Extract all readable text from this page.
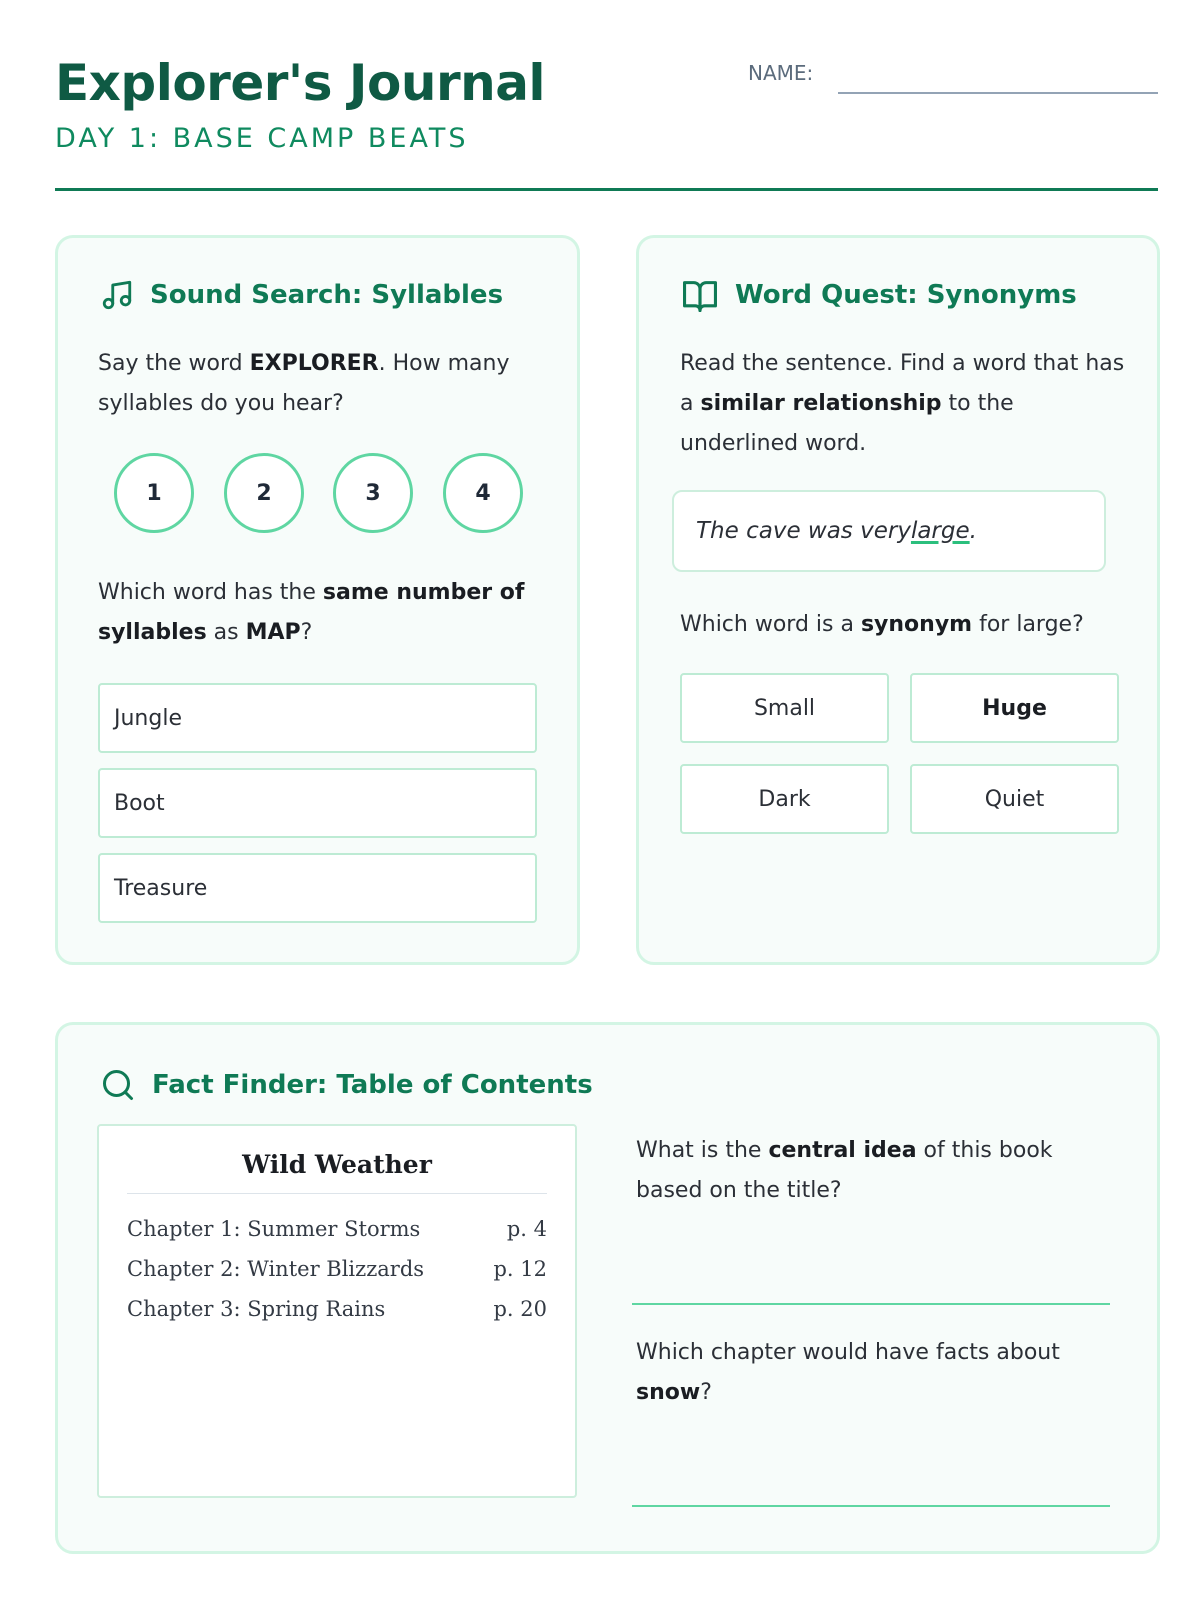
Explorer's Journal
DAY 1: BASE CAMP BEATS
NAME:
Sound Search: Syllables
Say the word EXPLORER. How many syllables do you hear?
1	2	3	4
Which word has the same number of syllables as MAP?
Jungle
Boot
Treasure
Word Quest: Synonyms
Read the sentence. Find a word that has a similar relationship to the underlined word.
The cave was very large .
Which word is a synonym for large?
Small	Huge
Dark	Quiet
Fact Finder: Table of Contents
Wild Weather
Chapter 1: Summer Storms	p. 4
Chapter 2: Winter Blizzards	p. 12
Chapter 3: Spring Rains	p. 20
What is the central idea of this book based on the title?
Which chapter would have facts about snow?
